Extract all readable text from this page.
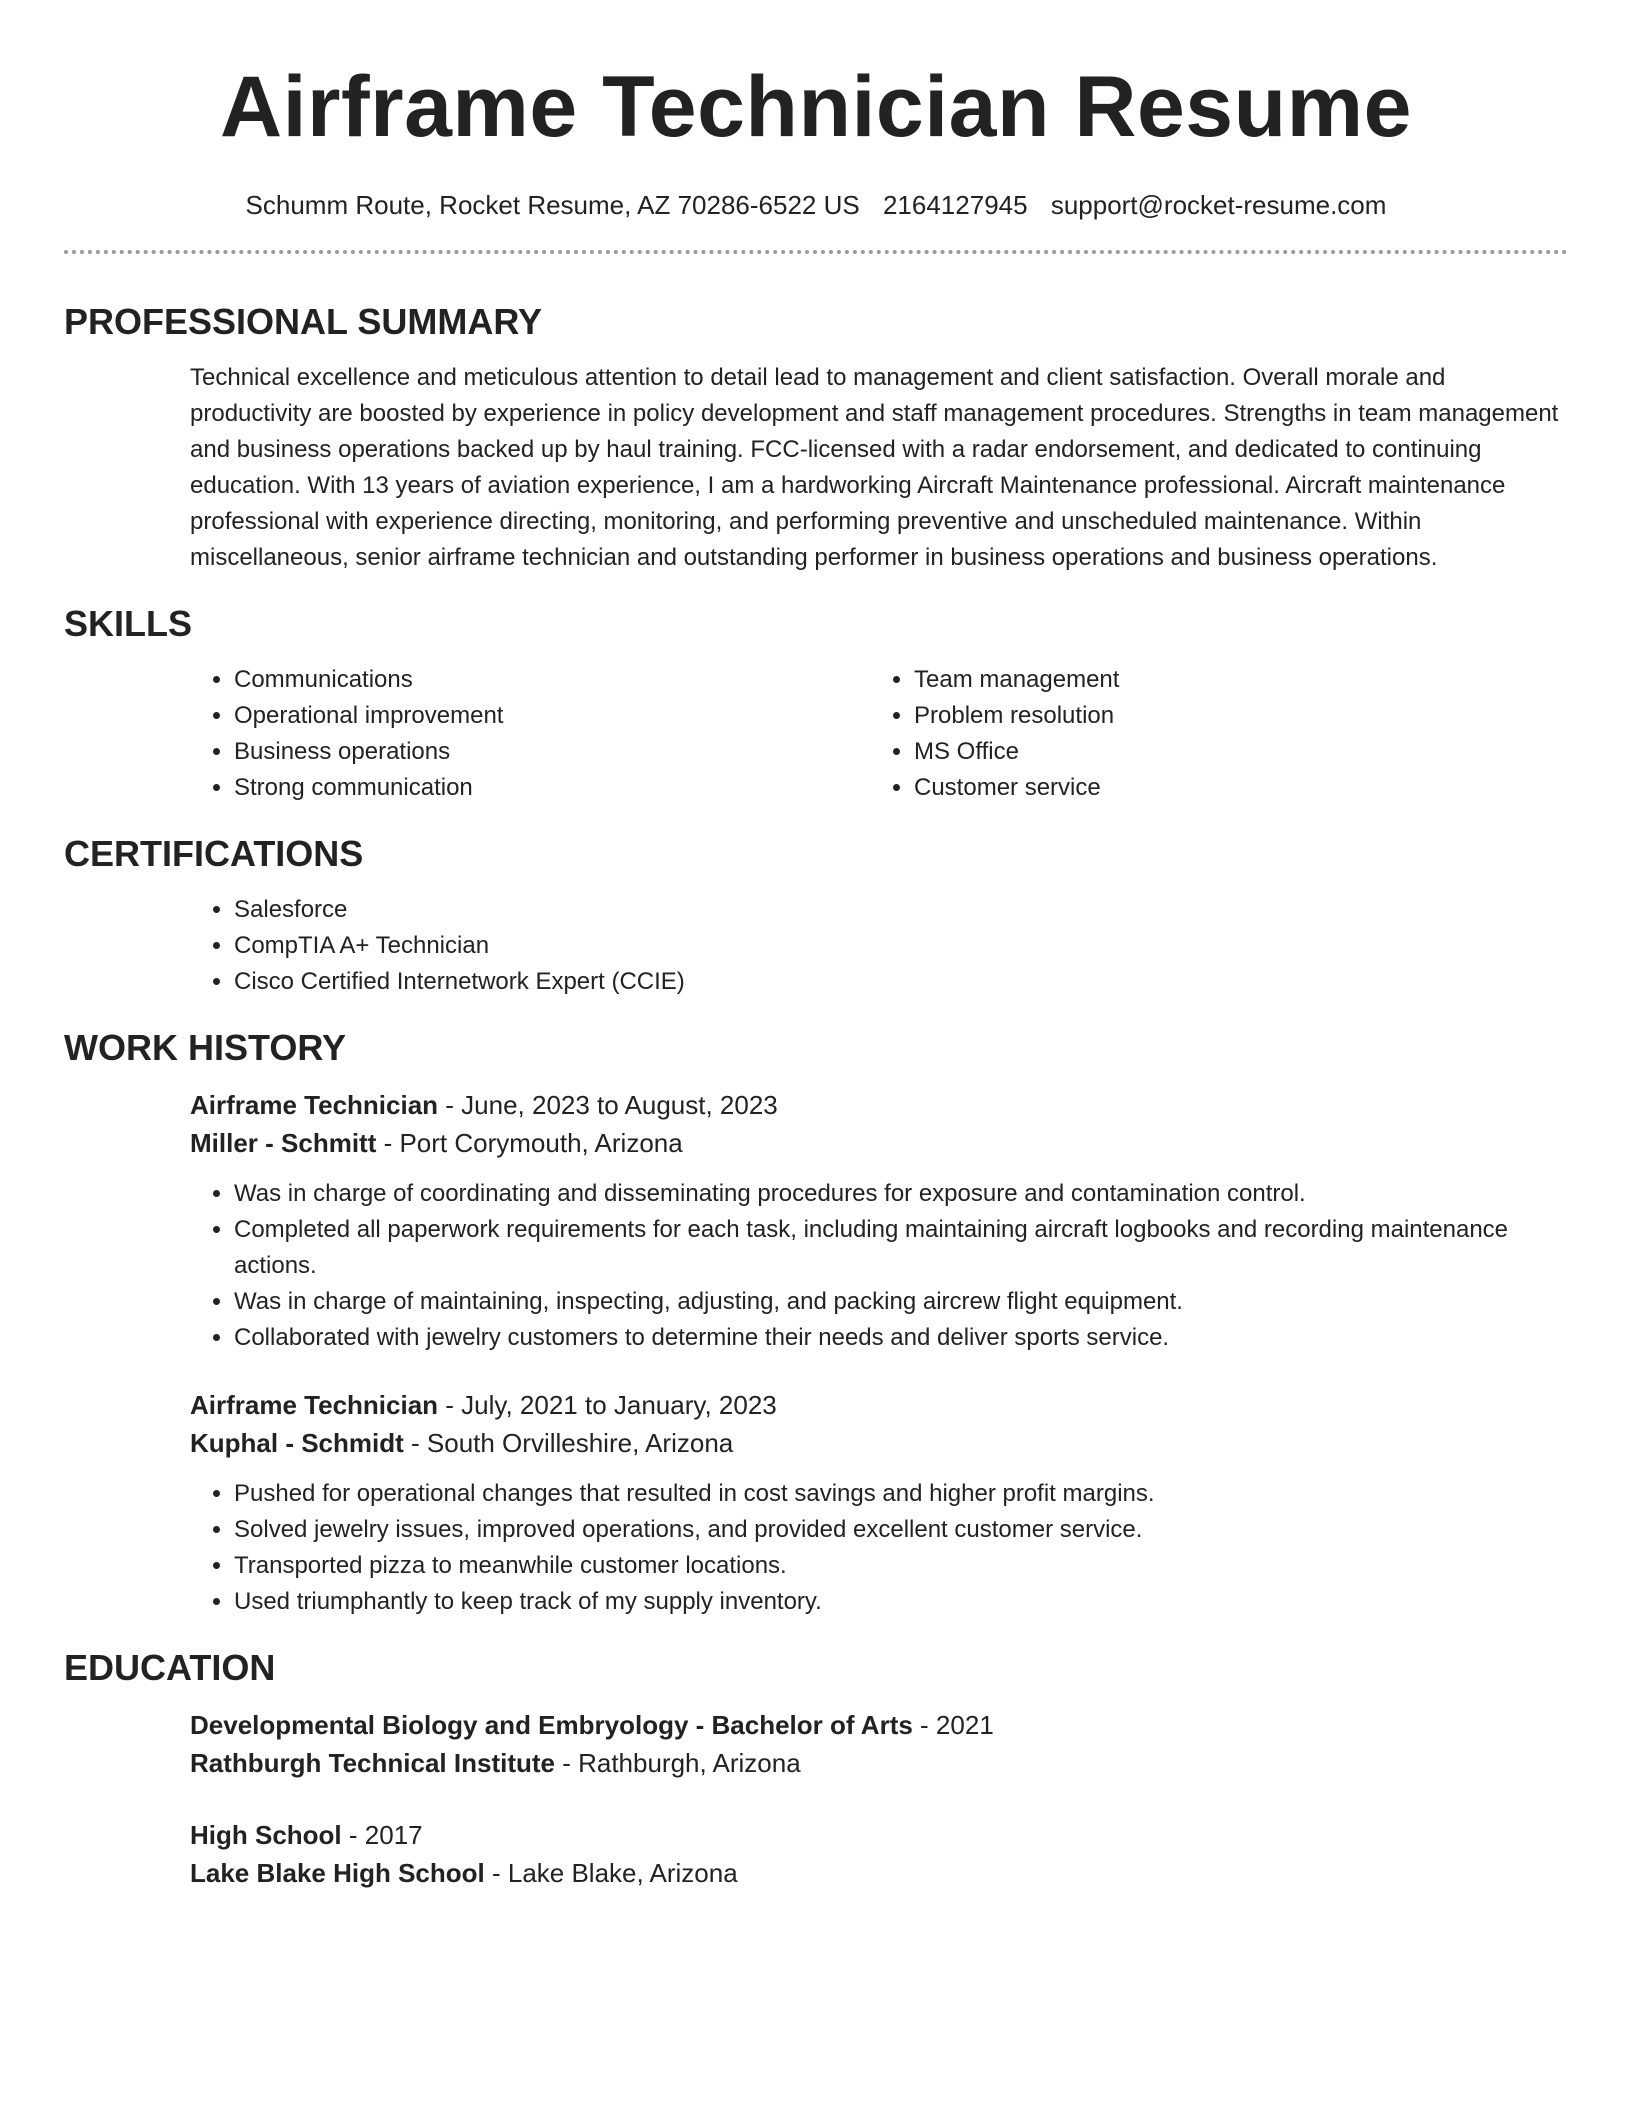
Airframe Technician Resume
Schumm Route, Rocket Resume, AZ 70286-6522 US 2164127945 support@rocket-resume.com
PROFESSIONAL SUMMARY

Technical excellence and meticulous attention to detail lead to management and client satisfaction. Overall morale and productivity are boosted by experience in policy development and staff management procedures. Strengths in team management and business operations backed up by haul training. FCC-licensed with a radar endorsement, and dedicated to continuing education. With 13 years of aviation experience, I am a hardworking Aircraft Maintenance professional. Aircraft maintenance professional with experience directing, monitoring, and performing preventive and unscheduled maintenance. Within miscellaneous, senior airframe technician and outstanding performer in business operations and business operations.

SKILLS
• Communications
• Operational improvement
• Business operations
• Strong communication
• Team management
• Problem resolution
• MS Office
• Customer service
CERTIFICATIONS
• Salesforce
• CompTIA A+ Technician
• Cisco Certified Internetwork Expert (CCIE)
WORK HISTORY
Airframe Technician - June, 2023 to August, 2023
Miller - Schmitt - Port Corymouth, Arizona
• Was in charge of coordinating and disseminating procedures for exposure and contamination control.
• Completed all paperwork requirements for each task, including maintaining aircraft logbooks and recording maintenance actions.
• Was in charge of maintaining, inspecting, adjusting, and packing aircrew flight equipment.
• Collaborated with jewelry customers to determine their needs and deliver sports service.
Airframe Technician - July, 2021 to January, 2023
Kuphal - Schmidt - South Orvilleshire, Arizona
• Pushed for operational changes that resulted in cost savings and higher profit margins.
• Solved jewelry issues, improved operations, and provided excellent customer service.
• Transported pizza to meanwhile customer locations.
• Used triumphantly to keep track of my supply inventory.
EDUCATION
Developmental Biology and Embryology - Bachelor of Arts - 2021
Rathburgh Technical Institute - Rathburgh, Arizona
High School - 2017
Lake Blake High School - Lake Blake, Arizona
